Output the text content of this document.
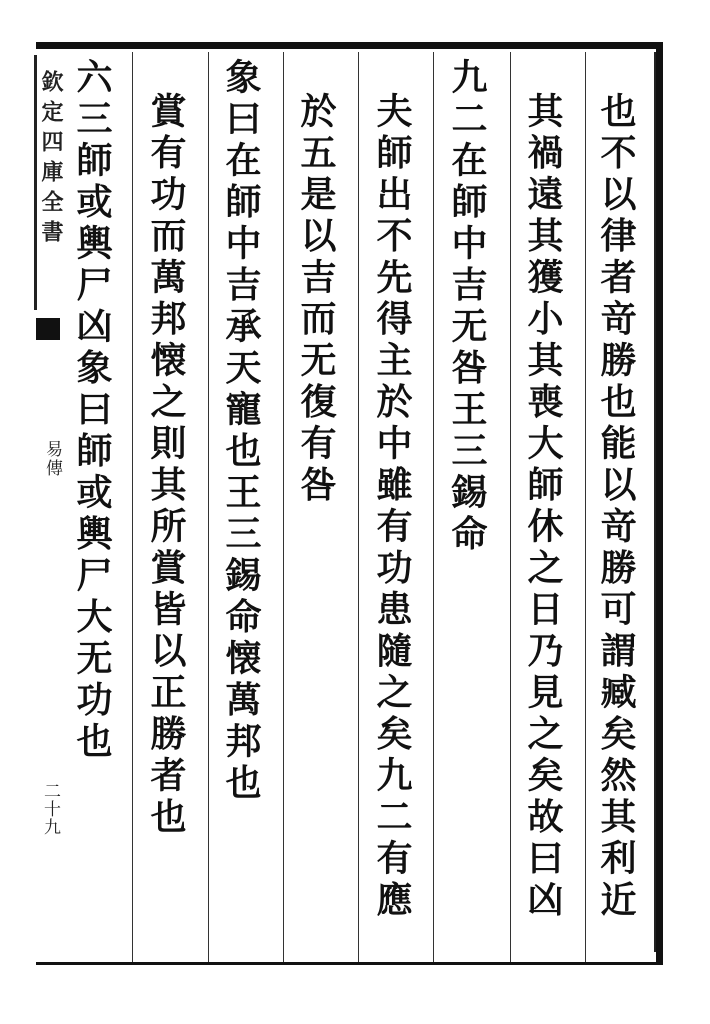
欽定四庫全書
易傳
二十九	也不以律者竒勝也能以竒勝可謂臧矣然其利近
其禍遠其獲小其喪大師休之日乃見之矣故曰凶
九二在師中吉无咎王三錫命
夫師出不先得主於中雖有功患隨之矣九二有應
於五是以吉而无復有咎
象曰在師中吉承天寵也王三錫命懐萬邦也
賞有功而萬邦懐之則其所賞皆以正勝者也
六三師或輿尸凶象曰師或輿尸大无功也
